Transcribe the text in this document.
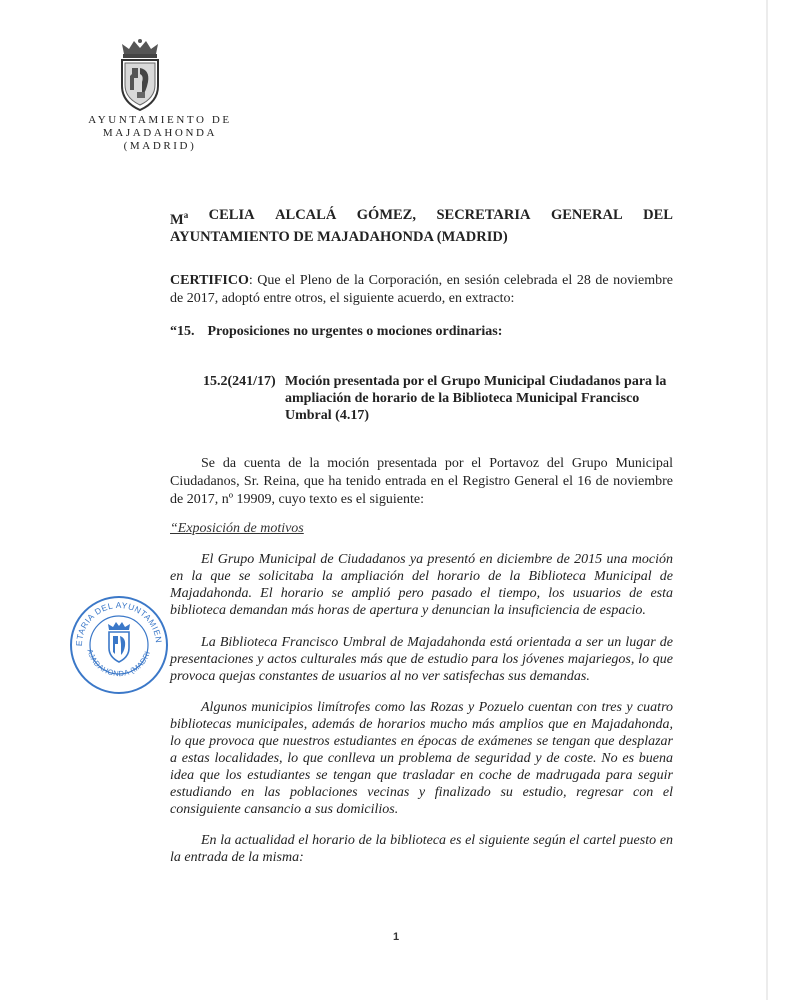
AYUNTAMIENTO DE
MAJADAHONDA
(MADRID)
$M^a$ CELIA ALCALÁ GÓMEZ, SECRETARIA GENERAL DEL
AYUNTAMIENTO DE MAJADAHONDA (MADRID)
CERTIFICO: Que el Pleno de la Corporación, en sesión celebrada el 28 de noviembre de 2017, adoptó entre otros, el siguiente acuerdo, en extracto:
“15. Proposiciones no urgentes o mociones ordinarias:
15.2(241/17) Moción presentada por el Grupo Municipal Ciudadanos para la ampliación de horario de la Biblioteca Municipal Francisco Umbral (4.17)
Se da cuenta de la moción presentada por el Portavoz del Grupo Municipal Ciudadanos, Sr. Reina, que ha tenido entrada en el Registro General el 16 de noviembre de 2017, nº 19909, cuyo texto es el siguiente:
“Exposición de motivos
El Grupo Municipal de Ciudadanos ya presentó en diciembre de 2015 una moción en la que se solicitaba la ampliación del horario de la Biblioteca Municipal de Majadahonda. El horario se amplió pero pasado el tiempo, los usuarios de esta biblioteca demandan más horas de apertura y denuncian la insuficiencia de espacio.
La Biblioteca Francisco Umbral de Majadahonda está orientada a ser un lugar de presentaciones y actos culturales más que de estudio para los jóvenes majariegos, lo que provoca quejas constantes de usuarios al no ver satisfechas sus demandas.
Algunos municipios limítrofes como las Rozas y Pozuelo cuentan con tres y cuatro bibliotecas municipales, además de horarios mucho más amplios que en Majadahonda, lo que provoca que nuestros estudiantes en épocas de exámenes se tengan que desplazar a estas localidades, lo que conlleva un problema de seguridad y de coste. No es buena idea que los estudiantes se tengan que trasladar en coche de madrugada para seguir estudiando en las poblaciones vecinas y finalizado su estudio, regresar con el consiguiente cansancio a sus domicilios.
En la actualidad el horario de la biblioteca es el siguiente según el cartel puesto en la entrada de la misma:
ETARIA DEL AYUNTAMIEN
AJADAHONDA (MADRI
1
